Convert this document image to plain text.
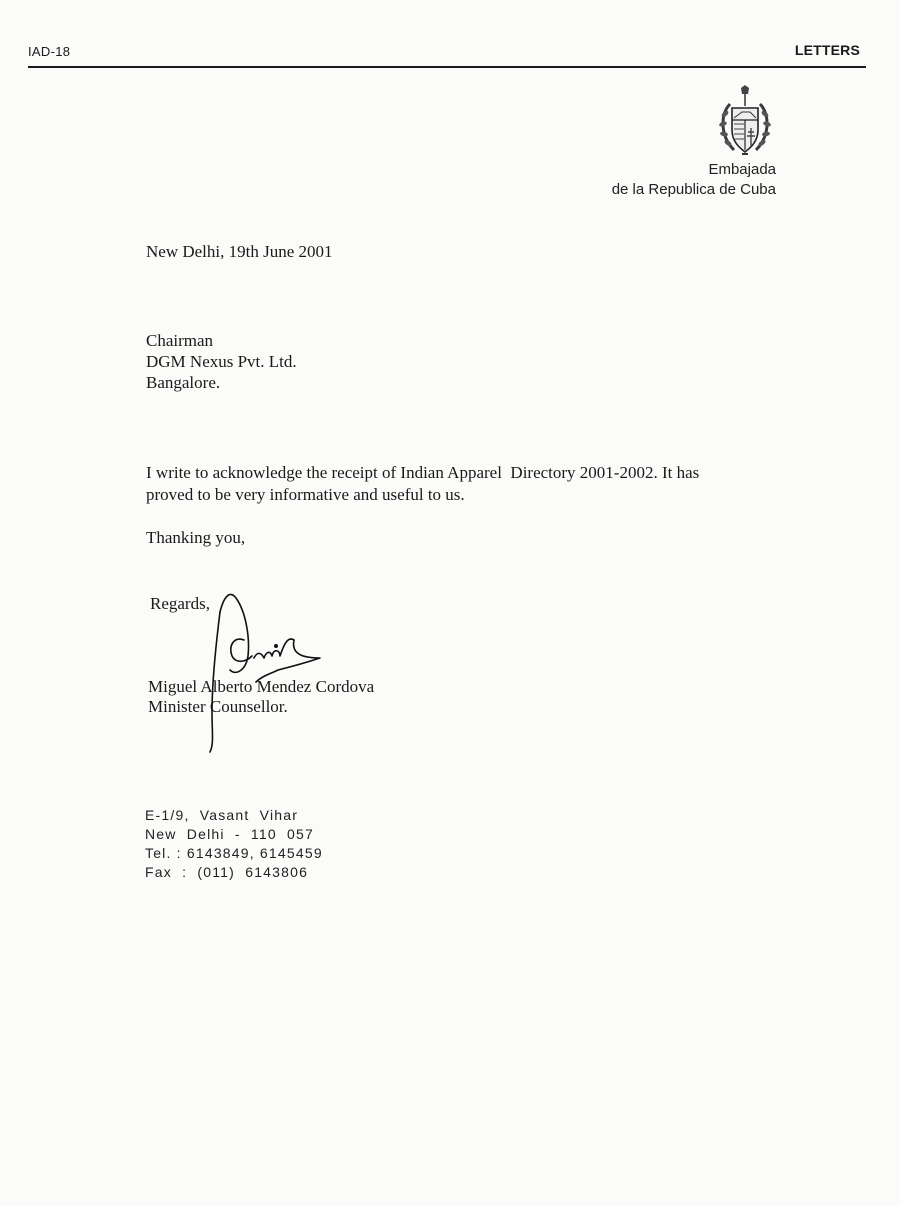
IAD-18	LETTERS
Embajada
de la Republica de Cuba
New Delhi, 19th June 2001
Chairman
DGM Nexus Pvt. Ltd.
Bangalore.
I write to acknowledge the receipt of Indian Apparel  Directory 2001-2002. It has
proved to be very informative and useful to us.
Thanking you,
Regards,
Miguel Alberto Mendez Cordova
Minister Counsellor.
E-1/9,  Vasant  Vihar
New  Delhi  -  110  057
Tel. : 6143849, 6145459
Fax  :  (011)  6143806
